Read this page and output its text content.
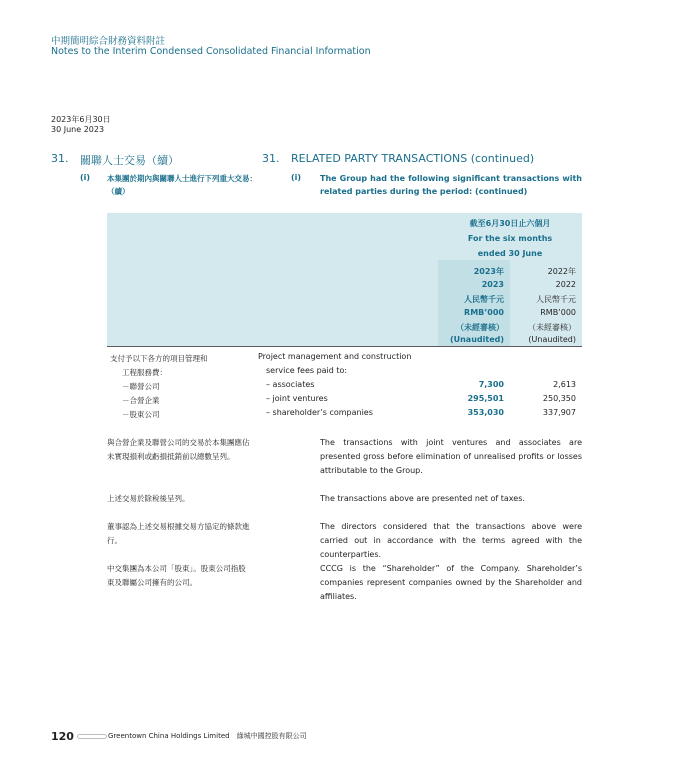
中期簡明綜合財務資料附註
Notes to the Interim Condensed Consolidated Financial Information
2023年6月30日
30 June 2023
31. 關聯人士交易（續）	31. RELATED PARTY TRANSACTIONS (continued)
(i) 本集團於期內與關聯人士進行下列重大交易：（續）
(i) The Group had the following significant transactions with related parties during the period: (continued)
截至6月30日止六個月
For the six months
ended 30 June
2023年
2023
人民幣千元
RMB’000
（未經審核）
(Unaudited)
2022年
2022
人民幣千元
RMB’000
（未經審核）
(Unaudited)
支付予以下各方的項目管理和
工程服務費：
Project management and construction
service fees paid to:
－聯營公司	– associates	7,300	2,613
－合營企業	– joint ventures	295,501	250,350
－股東公司	– shareholder’s companies	353,030	337,907
與合營企業及聯營公司的交易於本集團應佔未實現損利或虧損抵銷前以總數呈列。
The transactions with joint ventures and associates are presented gross before elimination of unrealised profits or losses attributable to the Group.
上述交易於除稅後呈列。	The transactions above are presented net of taxes.
董事認為上述交易根據交易方協定的條款進行。
The directors considered that the transactions above were carried out in accordance with the terms agreed with the counterparties.
中交集團為本公司「股東」。股東公司指股東及聯屬公司擁有的公司。
CCCG is the “Shareholder” of the Company. Shareholder’s companies represent companies owned by the Shareholder and affiliates.
120	Greentown China Holdings Limited　綠城中國控股有限公司
